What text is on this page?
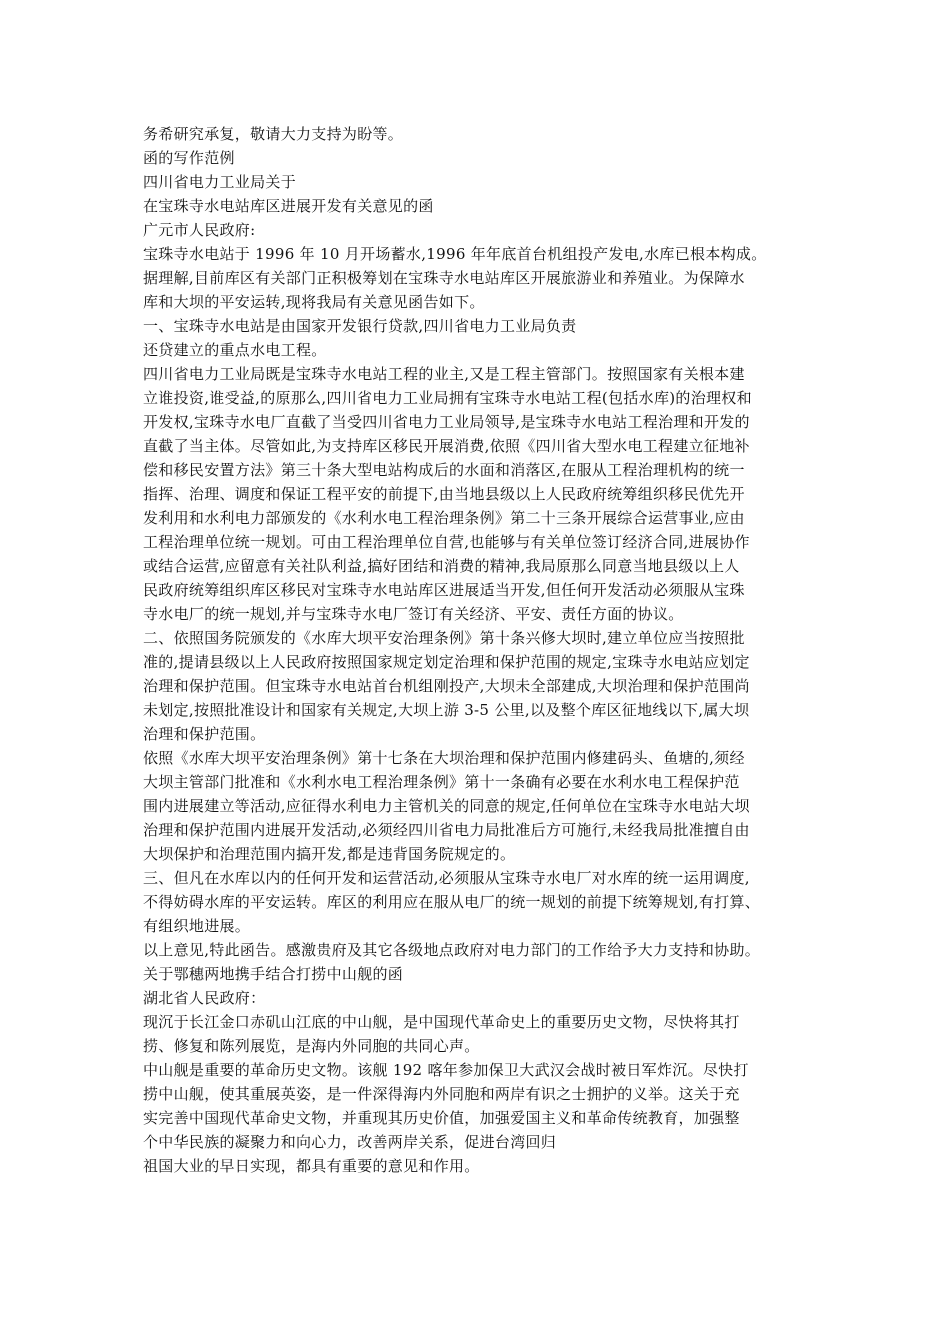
务希研究承复，敬请大力支持为盼等。
函的写作范例
四川省电力工业局关于
在宝珠寺水电站库区进展开发有关意见的函
广元市人民政府:
宝珠寺水电站于 1996 年 10 月开场蓄水,1996 年年底首台机组投产发电,水库已根本构成。
据理解,目前库区有关部门正积极筹划在宝珠寺水电站库区开展旅游业和养殖业。为保障水
库和大坝的平安运转,现将我局有关意见函告如下。
一、宝珠寺水电站是由国家开发银行贷款,四川省电力工业局负责
还贷建立的重点水电工程。
四川省电力工业局既是宝珠寺水电站工程的业主,又是工程主管部门。按照国家有关根本建
立谁投资,谁受益,的原那么,四川省电力工业局拥有宝珠寺水电站工程(包括水库)的治理权和
开发权,宝珠寺水电厂直截了当受四川省电力工业局领导,是宝珠寺水电站工程治理和开发的
直截了当主体。尽管如此,为支持库区移民开展消费,依照《四川省大型水电工程建立征地补
偿和移民安置方法》第三十条大型电站构成后的水面和消落区,在服从工程治理机构的统一
指挥、治理、调度和保证工程平安的前提下,由当地县级以上人民政府统筹组织移民优先开
发利用和水利电力部颁发的《水利水电工程治理条例》第二十三条开展综合运营事业,应由
工程治理单位统一规划。可由工程治理单位自营,也能够与有关单位签订经济合同,进展协作
或结合运营,应留意有关社队利益,搞好团结和消费的精神,我局原那么同意当地县级以上人
民政府统筹组织库区移民对宝珠寺水电站库区进展适当开发,但任何开发活动必须服从宝珠
寺水电厂的统一规划,并与宝珠寺水电厂签订有关经济、平安、责任方面的协议。
二、依照国务院颁发的《水库大坝平安治理条例》第十条兴修大坝时,建立单位应当按照批
准的,提请县级以上人民政府按照国家规定划定治理和保护范围的规定,宝珠寺水电站应划定
治理和保护范围。但宝珠寺水电站首台机组刚投产,大坝未全部建成,大坝治理和保护范围尚
未划定,按照批准设计和国家有关规定,大坝上游 3-5 公里,以及整个库区征地线以下,属大坝
治理和保护范围。
依照《水库大坝平安治理条例》第十七条在大坝治理和保护范围内修建码头、鱼塘的,须经
大坝主管部门批准和《水利水电工程治理条例》第十一条确有必要在水利水电工程保护范
围内进展建立等活动,应征得水利电力主管机关的同意的规定,任何单位在宝珠寺水电站大坝
治理和保护范围内进展开发活动,必须经四川省电力局批准后方可施行,未经我局批准擅自由
大坝保护和治理范围内搞开发,都是违背国务院规定的。
三、但凡在水库以内的任何开发和运营活动,必须服从宝珠寺水电厂对水库的统一运用调度,
不得妨碍水库的平安运转。库区的利用应在服从电厂的统一规划的前提下统筹规划,有打算、
有组织地进展。
以上意见,特此函告。感激贵府及其它各级地点政府对电力部门的工作给予大力支持和协助。
关于鄂穗两地携手结合打捞中山舰的函
湖北省人民政府：
现沉于长江金口赤矶山江底的中山舰，是中国现代革命史上的重要历史文物，尽快将其打
捞、修复和陈列展览，是海内外同胞的共同心声。
中山舰是重要的革命历史文物。该舰 192 喀年参加保卫大武汉会战时被日军炸沉。尽快打
捞中山舰，使其重展英姿，是一件深得海内外同胞和两岸有识之士拥护的义举。这关于充
实完善中国现代革命史文物，并重现其历史价值，加强爱国主义和革命传统教育，加强整
个中华民族的凝聚力和向心力，改善两岸关系，促进台湾回归
祖国大业的早日实现，都具有重要的意见和作用。
